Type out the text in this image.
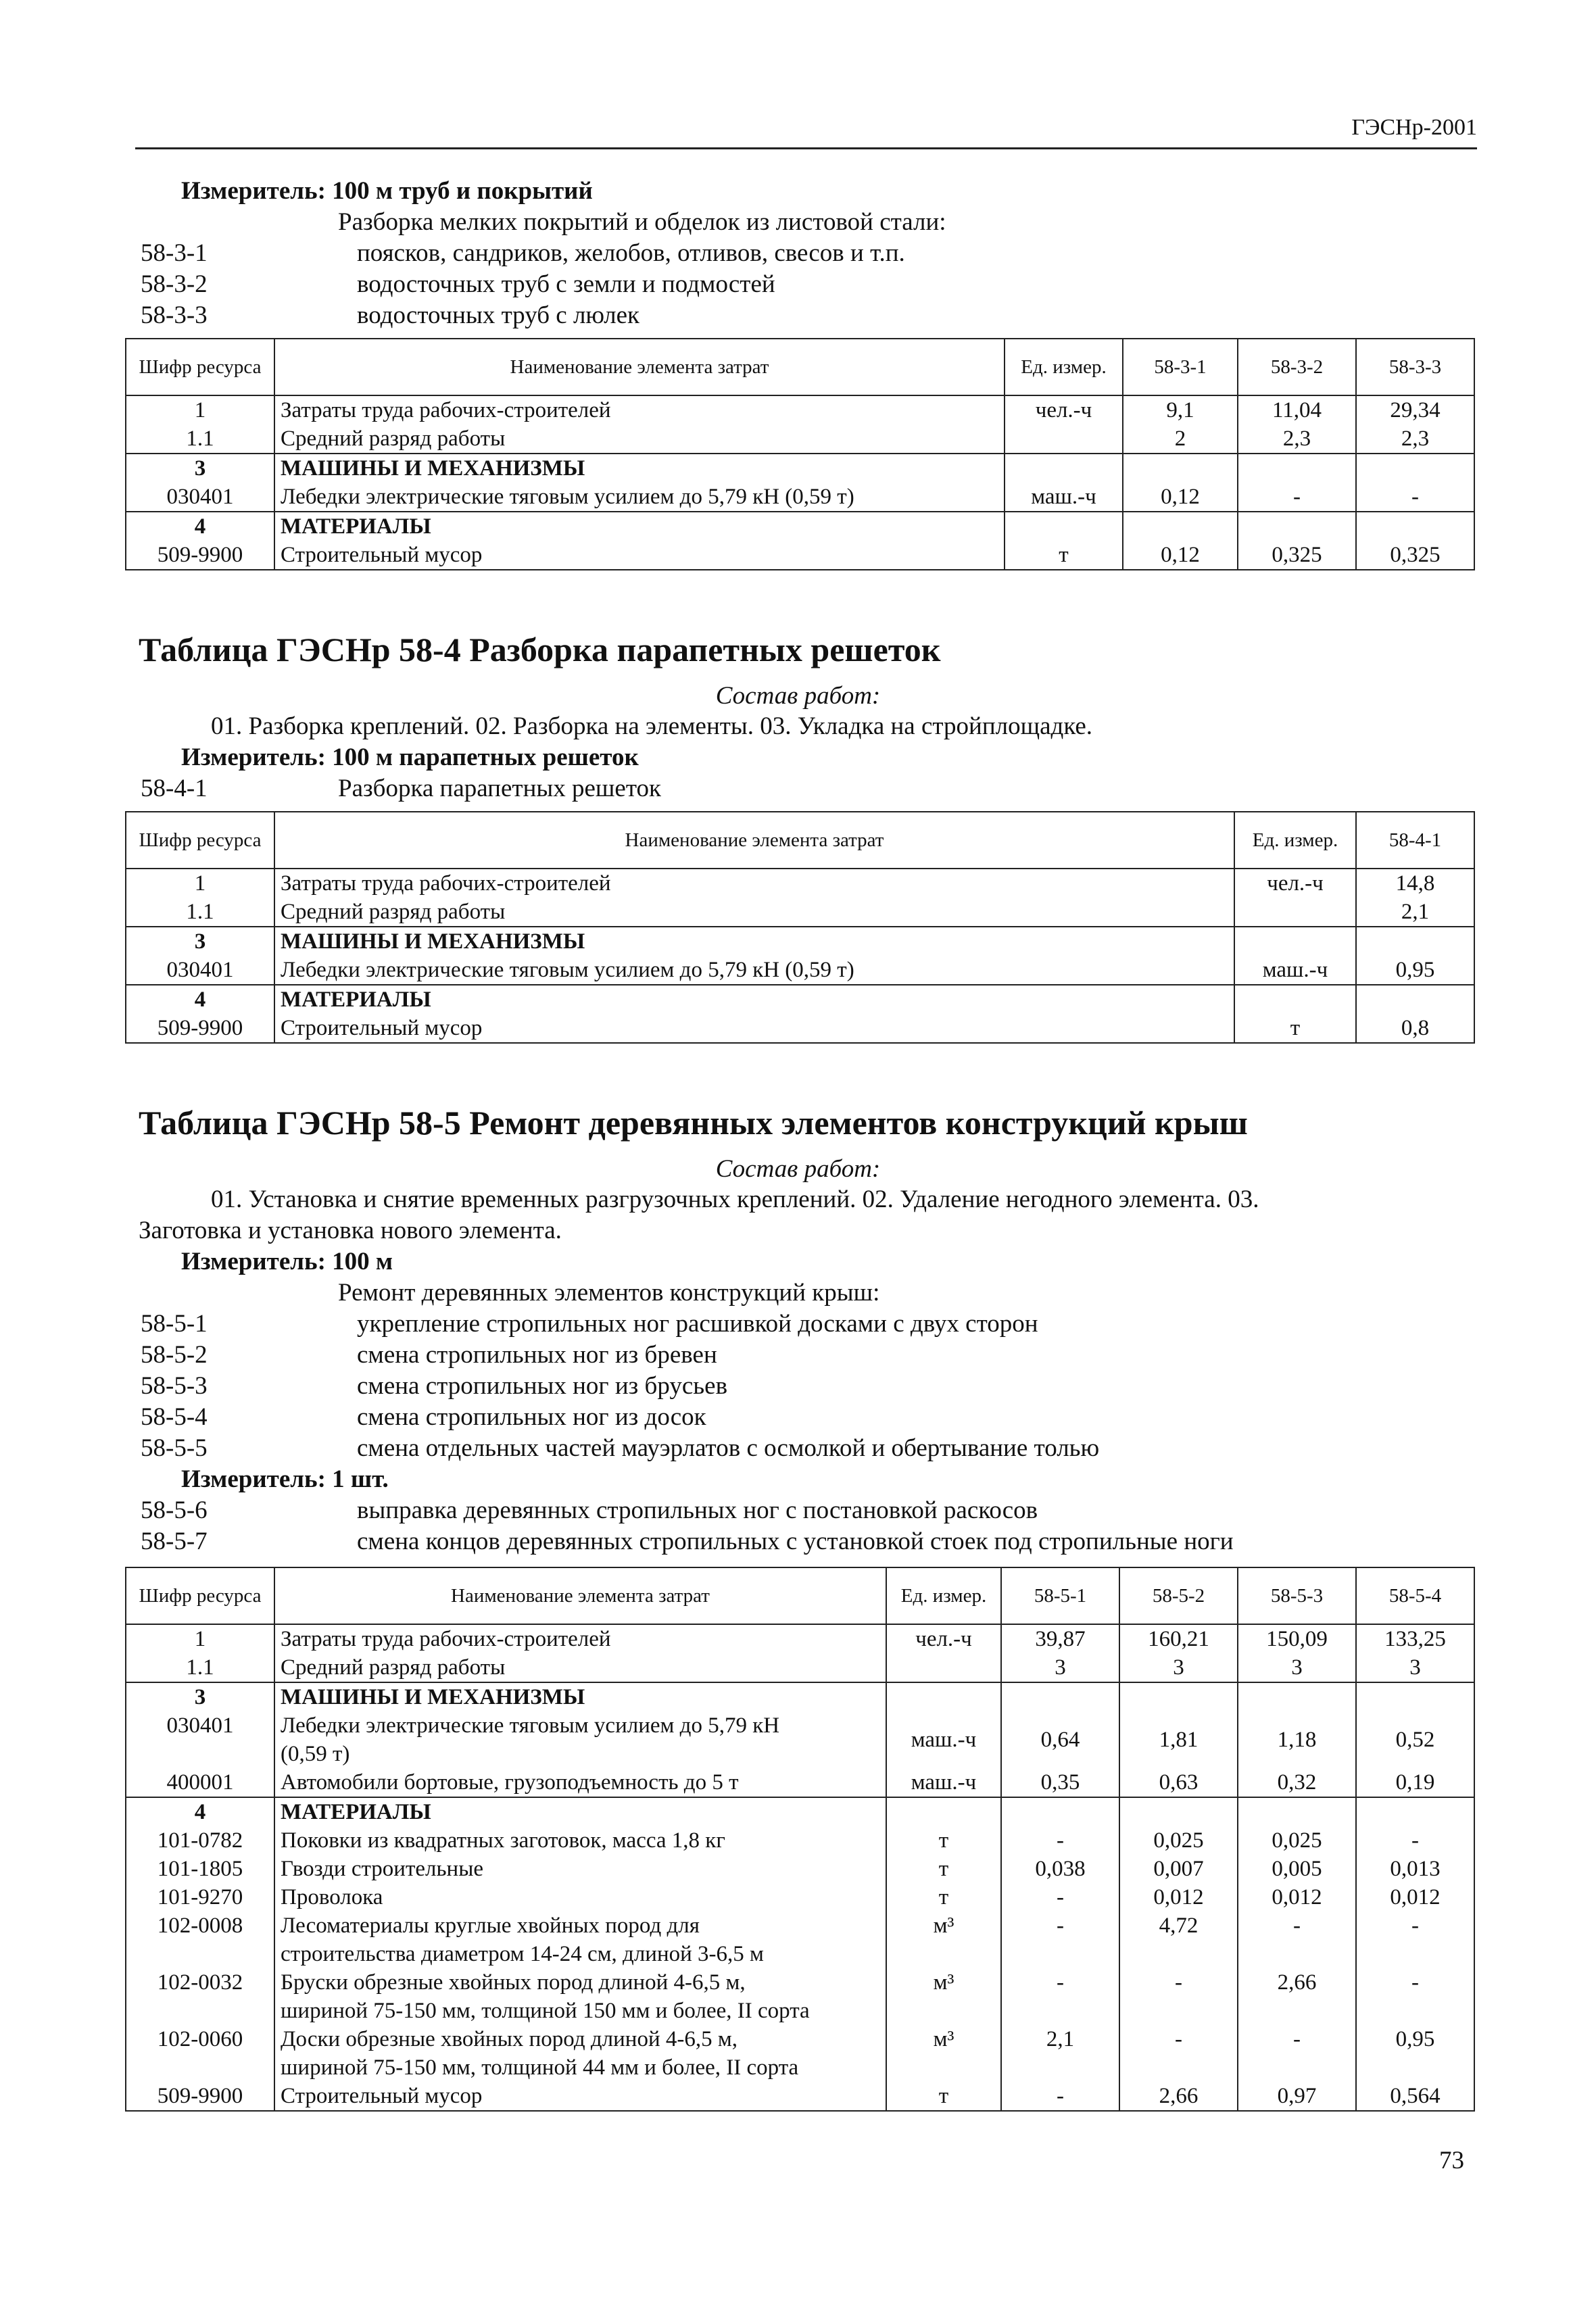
ГЭСНр-2001
Измеритель: 100 м труб и покрытий
Разборка мелких покрытий и обделок из листовой стали:
58-3-1	поясков, сандриков, желобов, отливов, свесов и т.п.
58-3-2	водосточных труб с земли и подмостей
58-3-3	водосточных труб с люлек
Шифр ресурса	Наименование элемента затрат	Ед. измер.	58-3-1	58-3-2	58-3-3
1	Затраты труда рабочих-строителей	чел.-ч	9,1	11,04	29,34
1.1	Средний разряд работы		2	2,3	2,3
3	МАШИНЫ И МЕХАНИЗМЫ				
030401	Лебедки электрические тяговым усилием до 5,79 кН (0,59 т)	маш.-ч	0,12	-	-
4	МАТЕРИАЛЫ				
509-9900	Строительный мусор	т	0,12	0,325	0,325
Таблица ГЭСНр 58-4 Разборка парапетных решеток
Состав работ:
01. Разборка креплений. 02. Разборка на элементы. 03. Укладка на стройплощадке.
Измеритель: 100 м парапетных решеток
58-4-1	Разборка парапетных решеток
Шифр ресурса	Наименование элемента затрат	Ед. измер.	58-4-1
1	Затраты труда рабочих-строителей	чел.-ч	14,8
1.1	Средний разряд работы		2,1
3	МАШИНЫ И МЕХАНИЗМЫ		
030401	Лебедки электрические тяговым усилием до 5,79 кН (0,59 т)	маш.-ч	0,95
4	МАТЕРИАЛЫ		
509-9900	Строительный мусор	т	0,8
Таблица ГЭСНр 58-5 Ремонт деревянных элементов конструкций крыш
Состав работ:
01. Установка и снятие временных разгрузочных креплений. 02. Удаление негодного элемента. 03.
Заготовка и установка нового элемента.
Измеритель: 100 м
Ремонт деревянных элементов конструкций крыш:
58-5-1	укрепление стропильных ног расшивкой досками с двух сторон
58-5-2	смена стропильных ног из бревен
58-5-3	смена стропильных ног из брусьев
58-5-4	смена стропильных ног из досок
58-5-5	смена отдельных частей мауэрлатов с осмолкой и обертывание толью
Измеритель: 1 шт.
58-5-6	выправка деревянных стропильных ног с постановкой раскосов
58-5-7	смена концов деревянных стропильных с установкой стоек под стропильные ноги
Шифр ресурса	Наименование элемента затрат	Ед. измер.	58-5-1	58-5-2	58-5-3	58-5-4
1	Затраты труда рабочих-строителей	чел.-ч	39,87	160,21	150,09	133,25
1.1	Средний разряд работы		3	3	3	3
3	МАШИНЫ И МЕХАНИЗМЫ					
030401	Лебедки электрические тяговым усилием до 5,79 кН
(0,59 т)	маш.-ч	0,64	1,81	1,18	0,52
400001	Автомобили бортовые, грузоподъемность до 5 т	маш.-ч	0,35	0,63	0,32	0,19
4	МАТЕРИАЛЫ					
101-0782	Поковки из квадратных заготовок, масса 1,8 кг	т	-	0,025	0,025	-
101-1805	Гвозди строительные	т	0,038	0,007	0,005	0,013
101-9270	Проволока	т	-	0,012	0,012	0,012
102-0008	Лесоматериалы круглые хвойных пород для
строительства диаметром 14-24 см, длиной 3-6,5 м	м³	-	4,72	-	-
102-0032	Бруски обрезные хвойных пород длиной 4-6,5 м,
шириной 75-150 мм, толщиной 150 мм и более, II сорта	м³	-	-	2,66	-
102-0060	Доски обрезные хвойных пород длиной 4-6,5 м,
шириной 75-150 мм, толщиной 44 мм и более, II сорта	м³	2,1	-	-	0,95
509-9900	Строительный мусор	т	-	2,66	0,97	0,564
73
